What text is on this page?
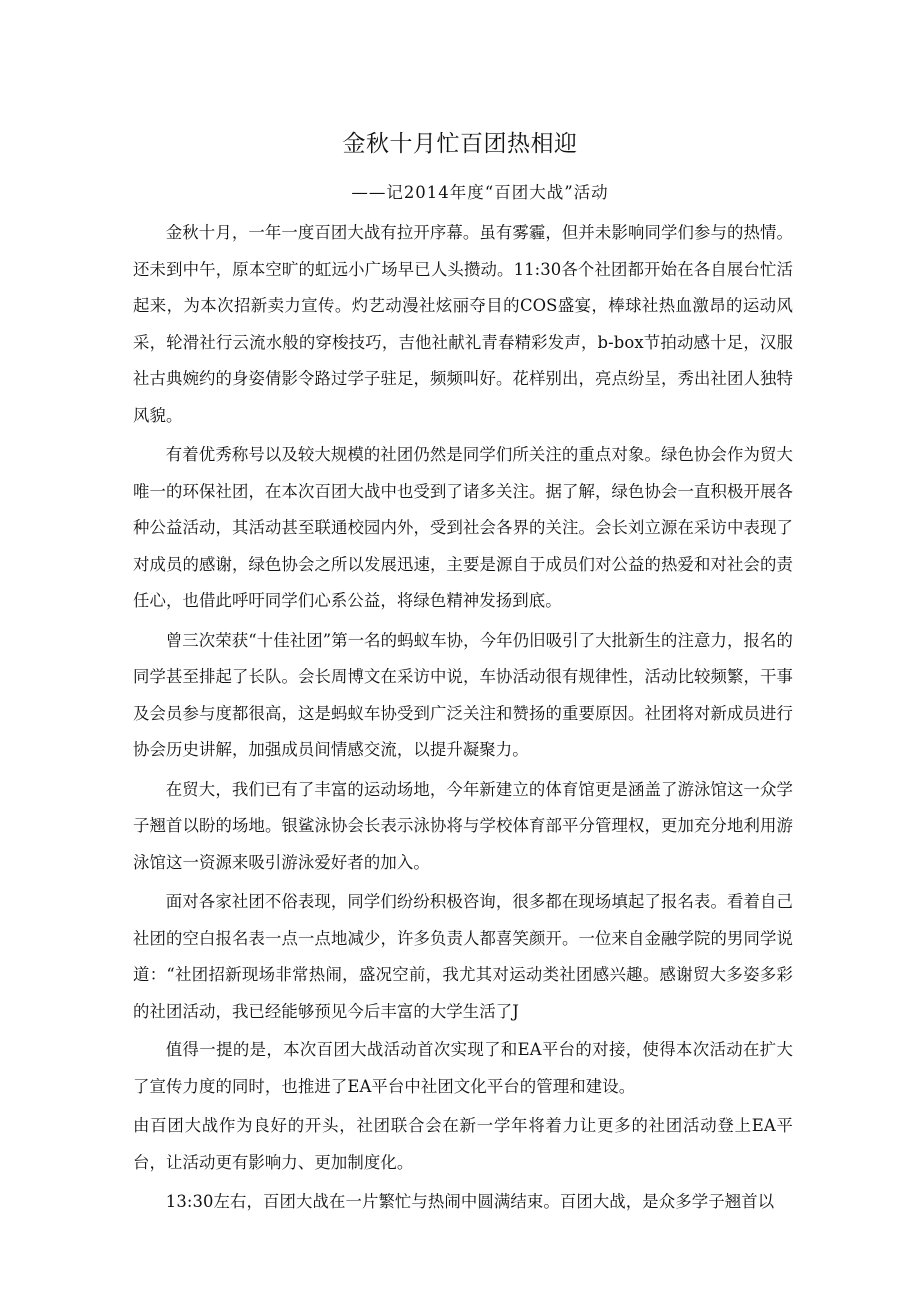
金秋十月忙百团热相迎
——记2014年度“百团大战”活动

金秋十月，一年一度百团大战有拉开序幕。虽有雾霾，但并未影响同学们参与的热情。还未到中午，原本空旷的虹远小广场早已人头攒动。11:30各个社团都开始在各自展台忙活起来，为本次招新卖力宣传。灼艺动漫社炫丽夺目的COS盛宴，棒球社热血激昂的运动风采，轮滑社行云流水般的穿梭技巧，吉他社献礼青春精彩发声，b-box节拍动感十足，汉服社古典婉约的身姿倩影令路过学子驻足，频频叫好。花样别出，亮点纷呈，秀出社团人独特风貌。

有着优秀称号以及较大规模的社团仍然是同学们所关注的重点对象。绿色协会作为贸大唯一的环保社团，在本次百团大战中也受到了诸多关注。据了解，绿色协会一直积极开展各种公益活动，其活动甚至联通校园内外，受到社会各界的关注。会长刘立源在采访中表现了对成员的感谢，绿色协会之所以发展迅速，主要是源自于成员们对公益的热爱和对社会的责任心，也借此呼吁同学们心系公益，将绿色精神发扬到底。

曾三次荣获“十佳社团”第一名的蚂蚁车协，今年仍旧吸引了大批新生的注意力，报名的同学甚至排起了长队。会长周博文在采访中说，车协活动很有规律性，活动比较频繁，干事及会员参与度都很高，这是蚂蚁车协受到广泛关注和赞扬的重要原因。社团将对新成员进行协会历史讲解，加强成员间情感交流，以提升凝聚力。

在贸大，我们已有了丰富的运动场地，今年新建立的体育馆更是涵盖了游泳馆这一众学子翘首以盼的场地。银鲨泳协会长表示泳协将与学校体育部平分管理权，更加充分地利用游泳馆这一资源来吸引游泳爱好者的加入。

面对各家社团不俗表现，同学们纷纷积极咨询，很多都在现场填起了报名表。看着自己社团的空白报名表一点一点地减少，许多负责人都喜笑颜开。一位来自金融学院的男同学说道：“社团招新现场非常热闹，盛况空前，我尤其对运动类社团感兴趣。感谢贸大多姿多彩的社团活动，我已经能够预见今后丰富的大学生活了J

值得一提的是，本次百团大战活动首次实现了和EA平台的对接，使得本次活动在扩大了宣传力度的同时，也推进了EA平台中社团文化平台的管理和建设。

由百团大战作为良好的开头，社团联合会在新一学年将着力让更多的社团活动登上EA平台，让活动更有影响力、更加制度化。

13:30左右，百团大战在一片繁忙与热闹中圆满结束。百团大战，是众多学子翘首以
